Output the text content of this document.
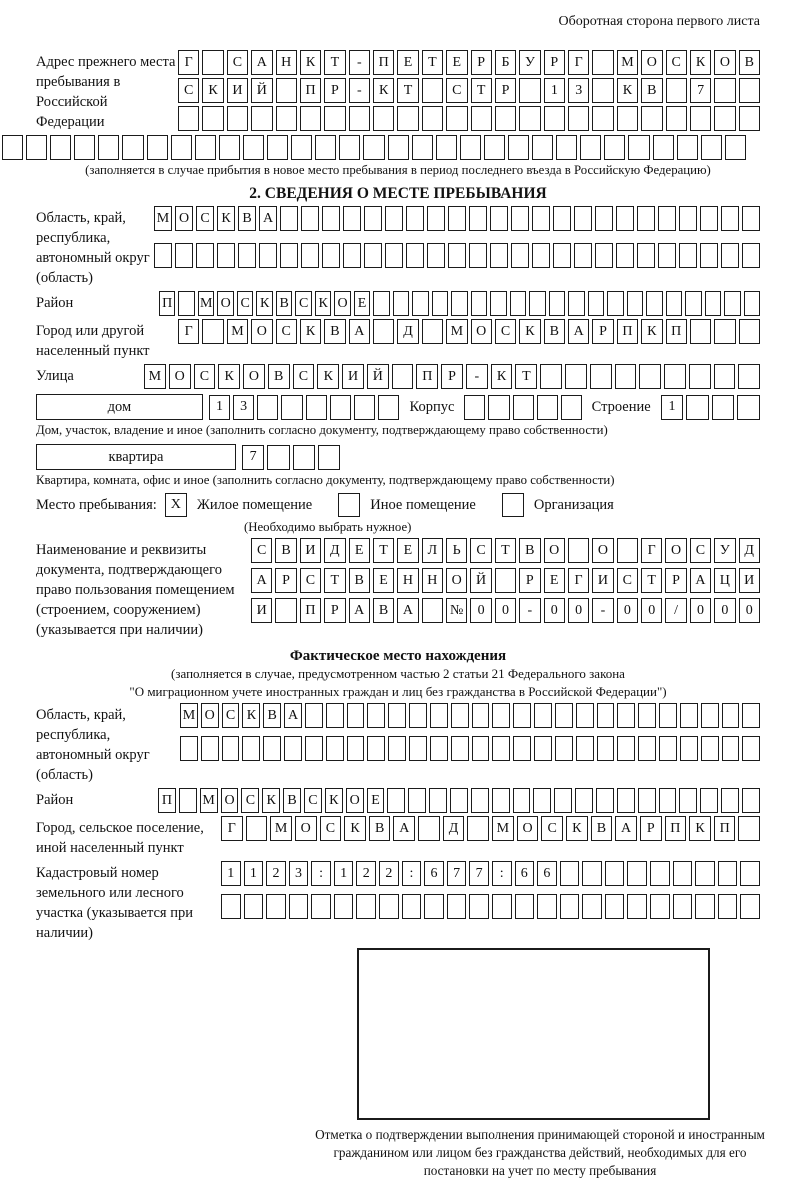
Оборотная сторона первого листа
Адрес прежнего места пребывания в Российской Федерации
Г	С	А	Н	К	Т	-	П	Е	Т	Е	Р	Б	У	Р	Г	М О	С	К	О	В
С	К	И	Й	П	Р	-	К	Т	С	Т	Р	1	3	К	В	7
(заполняется в случае прибытия в новое место пребывания в период последнего въезда в Российскую Федерацию)
2. СВЕДЕНИЯ О МЕСТЕ ПРЕБЫВАНИЯ
Область, край, республика, автономный округ (область)
М О С К В А
Район	П М О С К В С К О Е
Город или другой населенный пункт
Г	М О	С	К	В	А	Д	М О	С	К	В	А	Р	П	К	П
Улица	М О	С	К	О	В	С	К	И	Й	П	Р	-	К	Т
дом	1	3	Корпус	Строение	1
Дом, участок, владение и иное (заполнить согласно документу, подтверждающему право собственности)
квартира	7
Квартира, комната, офис и иное (заполнить согласно документу, подтверждающему право собственности)
Место пребывания: X	Жилое помещение	Иное помещение	Организация
(Необходимо выбрать нужное)
Наименование и реквизиты документа, подтверждающего право пользования помещением (строением, сооружением) (указывается при наличии)
С	В	И	Д	Е	Т	Е	Л	Ь	С	Т	В	О	О	Г	О	С	У	Д
А	Р	С	Т	В	Е	Н	Н	О	Й	Р	Е	Г	И	С	Т	Р	А	Ц	И
И	П	Р	А	В	А	№	0	0	-	0	0	-	0	0	/	0	0	0
Фактическое место нахождения
(заполняется в случае, предусмотренном частью 2 статьи 21 Федерального закона
"О миграционном учете иностранных граждан и лиц без гражданства в Российской Федерации")
Область, край, республика, автономный округ (область)
М О С К В А
Район	П М О С К В С К О Е
Город, сельское поселение, иной населенный пункт
Г	М О	С	К	В	А	Д	М О	С	К	В	А	Р	П	К	П
Кадастровый номер земельного или лесного участка (указывается при наличии)
1	1	2	3	:	1	2	2	:	6	7	7	:	6	6
Отметка о подтверждении выполнения принимающей стороной и иностранным гражданином или лицом без гражданства действий, необходимых для его постановки на учет по месту пребывания
